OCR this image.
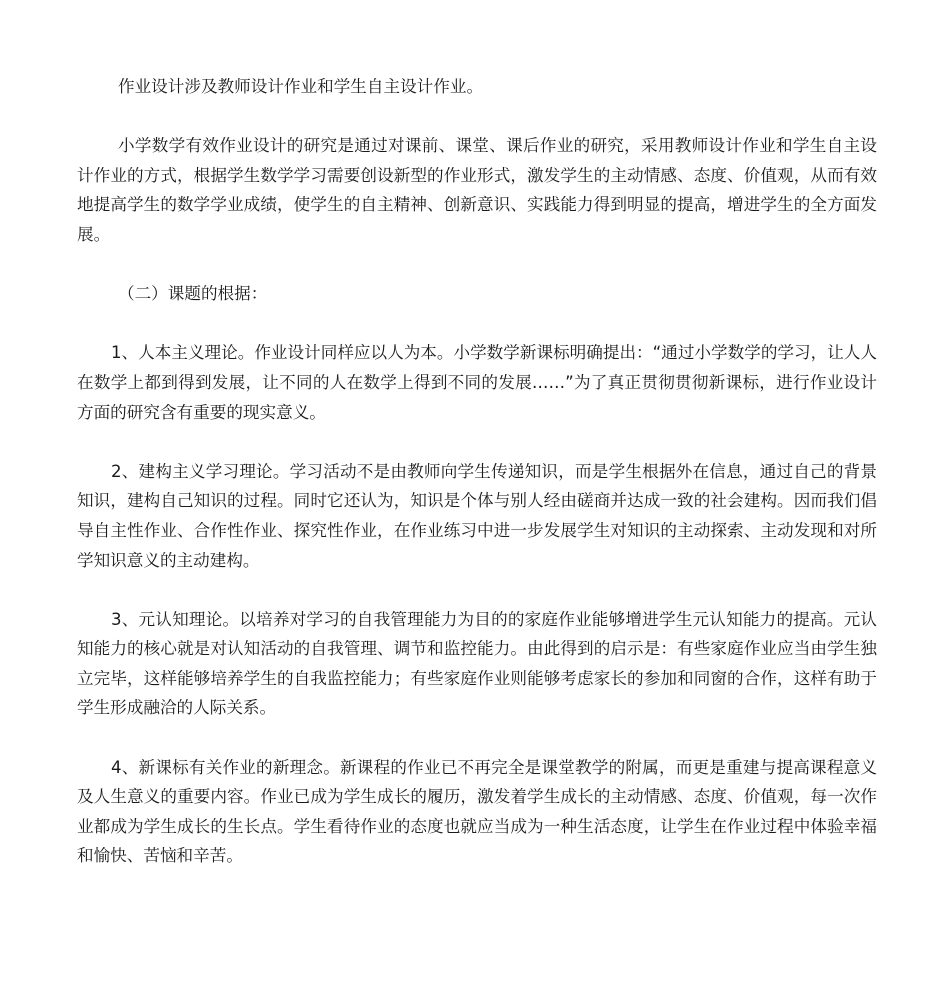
作业设计涉及教师设计作业和学生自主设计作业。

小学数学有效作业设计的研究是通过对课前、课堂、课后作业的研究，采用教师设计作业和学生自主设计作业的方式，根据学生数学学习需要创设新型的作业形式，激发学生的主动情感、态度、价值观，从而有效地提高学生的数学学业成绩，使学生的自主精神、创新意识、实践能力得到明显的提高，增进学生的全方面发展。

（二）课题的根据：

1、人本主义理论。作业设计同样应以人为本。小学数学新课标明确提出：“通过小学数学的学习，让人人在数学上都到得到发展，让不同的人在数学上得到不同的发展……”为了真正贯彻贯彻新课标，进行作业设计方面的研究含有重要的现实意义。

2、建构主义学习理论。学习活动不是由教师向学生传递知识，而是学生根据外在信息，通过自己的背景知识，建构自己知识的过程。同时它还认为，知识是个体与别人经由磋商并达成一致的社会建构。因而我们倡导自主性作业、合作性作业、探究性作业，在作业练习中进一步发展学生对知识的主动探索、主动发现和对所学知识意义的主动建构。

3、元认知理论。以培养对学习的自我管理能力为目的的家庭作业能够增进学生元认知能力的提高。元认知能力的核心就是对认知活动的自我管理、调节和监控能力。由此得到的启示是：有些家庭作业应当由学生独立完毕，这样能够培养学生的自我监控能力；有些家庭作业则能够考虑家长的参加和同窗的合作，这样有助于学生形成融洽的人际关系。

4、新课标有关作业的新理念。新课程的作业已不再完全是课堂教学的附属，而更是重建与提高课程意义及人生意义的重要内容。作业已成为学生成长的履历，激发着学生成长的主动情感、态度、价值观，每一次作业都成为学生成长的生长点。学生看待作业的态度也就应当成为一种生活态度，让学生在作业过程中体验幸福和愉快、苦恼和辛苦。
